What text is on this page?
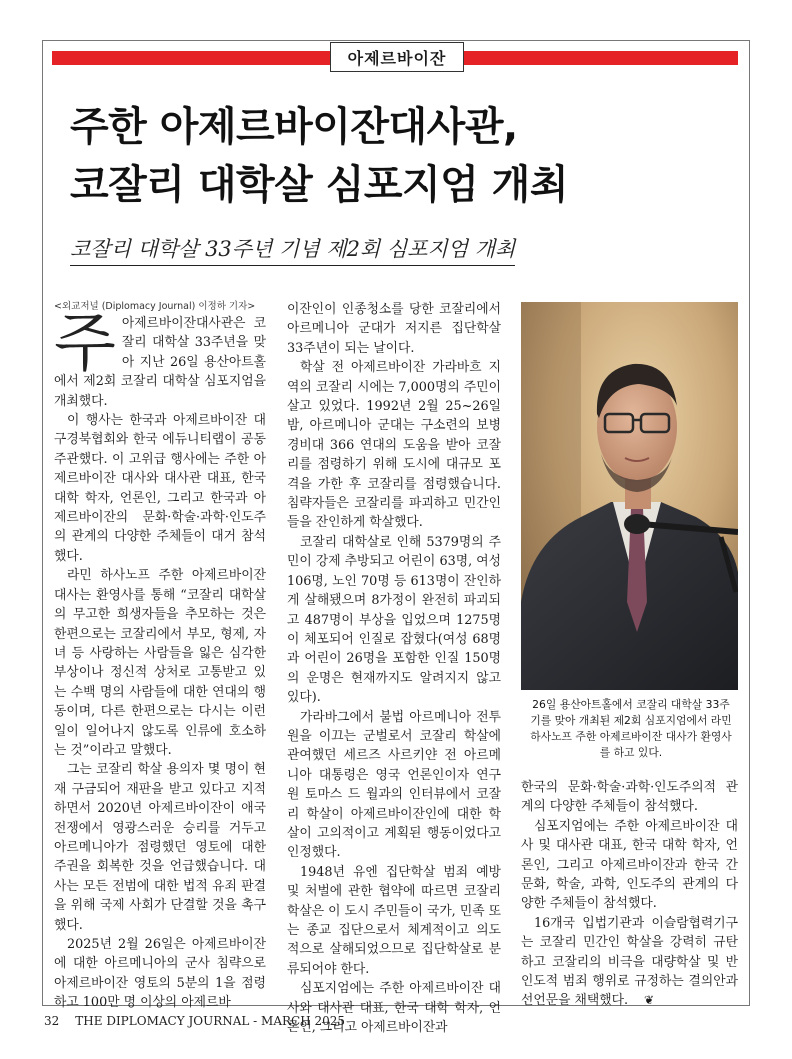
아제르바이잔
주한 아제르바이잔대사관,
코잘리 대학살 심포지엄 개최
코잘리 대학살 33주년 기념 제2회 심포지엄 개최

<외교저널 (Diplomacy Journal) 이정하 기자>

주아제르바이잔대사관은 코잘리 대학살 33주년을 맞아 지난 26일 용산아트홀에서 제2회 코잘리 대학살 심포지엄을 개최했다.

이 행사는 한국과 아제르바이잔 대구경북협회와 한국 에듀니티랩이 공동 주관했다. 이 고위급 행사에는 주한 아제르바이잔 대사와 대사관 대표, 한국 대학 학자, 언론인, 그리고 한국과 아제르바이잔의 문화·학술·과학·인도주의 관계의 다양한 주체들이 대거 참석했다.

라민 하사노프 주한 아제르바이잔 대사는 환영사를 통해 “코잘리 대학살의 무고한 희생자들을 추모하는 것은 한편으로는 코잘리에서 부모, 형제, 자녀 등 사랑하는 사람들을 잃은 심각한 부상이나 정신적 상처로 고통받고 있는 수백 명의 사람들에 대한 연대의 행동이며, 다른 한편으로는 다시는 이런 일이 일어나지 않도록 인류에 호소하는 것”이라고 말했다.

그는 코잘리 학살 용의자 몇 명이 현재 구금되어 재판을 받고 있다고 지적하면서 2020년 아제르바이잔이 애국 전쟁에서 영광스러운 승리를 거두고 아르메니아가 점령했던 영토에 대한 주권을 회복한 것을 언급했습니다. 대사는 모든 전범에 대한 법적 유죄 판결을 위해 국제 사회가 단결할 것을 촉구했다.

2025년 2월 26일은 아제르바이잔에 대한 아르메니아의 군사 침략으로 아제르바이잔 영토의 5분의 1을 점령하고 100만 명 이상의 아제르바

이잔인이 인종청소를 당한 코잘리에서 아르메니아 군대가 저지른 집단학살 33주년이 되는 날이다.

학살 전 아제르바이잔 가라바흐 지역의 코잘리 시에는 7,000명의 주민이 살고 있었다. 1992년 2월 25~26일 밤, 아르메니아 군대는 구소련의 보병 경비대 366 연대의 도움을 받아 코잘리를 점령하기 위해 도시에 대규모 포격을 가한 후 코잘리를 점령했습니다. 침략자들은 코잘리를 파괴하고 민간인들을 잔인하게 학살했다.

코잘리 대학살로 인해 5379명의 주민이 강제 추방되고 어린이 63명, 여성 106명, 노인 70명 등 613명이 잔인하게 살해됐으며 8가정이 완전히 파괴되고 487명이 부상을 입었으며 1275명이 체포되어 인질로 잡혔다(여성 68명과 어린이 26명을 포함한 인질 150명의 운명은 현재까지도 알려지지 않고 있다).

가라바그에서 불법 아르메니아 전투원을 이끄는 군벌로서 코잘리 학살에 관여했던 세르즈 사르키얀 전 아르메니아 대통령은 영국 언론인이자 연구원 토마스 드 월과의 인터뷰에서 코잘리 학살이 아제르바이잔인에 대한 학살이 고의적이고 계획된 행동이었다고 인정했다.

1948년 유엔 집단학살 범죄 예방 및 처벌에 관한 협약에 따르면 코잘리 학살은 이 도시 주민들이 국가, 민족 또는 종교 집단으로서 체계적이고 의도적으로 살해되었으므로 집단학살로 분류되어야 한다.

심포지엄에는 주한 아제르바이잔 대사와 대사관 대표, 한국 대학 학자, 언론인, 그리고 아제르바이잔과

26일 용산아트홀에서 코잘리 대학살 33주기를 맞아 개최된 제2회 심포지엄에서 라민 하사노프 주한 아제르바이잔 대사가 환영사를 하고 있다.

한국의 문화·학술·과학·인도주의적 관계의 다양한 주체들이 참석했다.

심포지엄에는 주한 아제르바이잔 대사 및 대사관 대표, 한국 대학 학자, 언론인, 그리고 아제르바이잔과 한국 간 문화, 학술, 과학, 인도주의 관계의 다양한 주체들이 참석했다.

16개국 입법기관과 이슬람협력기구는 코잘리 민간인 학살을 강력히 규탄하고 코잘리의 비극을 대량학살 및 반인도적 범죄 행위로 규정하는 결의안과 선언문을 채택했다. ❦

32 THE DIPLOMACY JOURNAL - MARCH 2025
